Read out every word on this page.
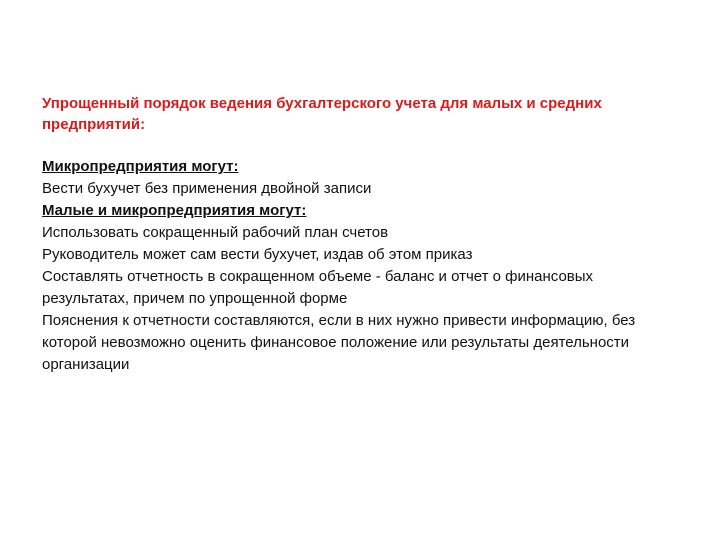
Упрощенный порядок ведения бухгалтерского учета для малых и средних предприятий:

Микропредприятия могут:

Вести бухучет без применения двойной записи

Малые и микропредприятия могут:

Использовать сокращенный рабочий план счетов

Руководитель может сам вести бухучет, издав об этом приказ

Составлять отчетность в сокращенном объеме - баланс и отчет о финансовых результатах, причем по упрощенной форме

Пояснения к отчетности составляются, если в них нужно привести информацию, без которой невозможно оценить финансовое положение или результаты деятельности организации
